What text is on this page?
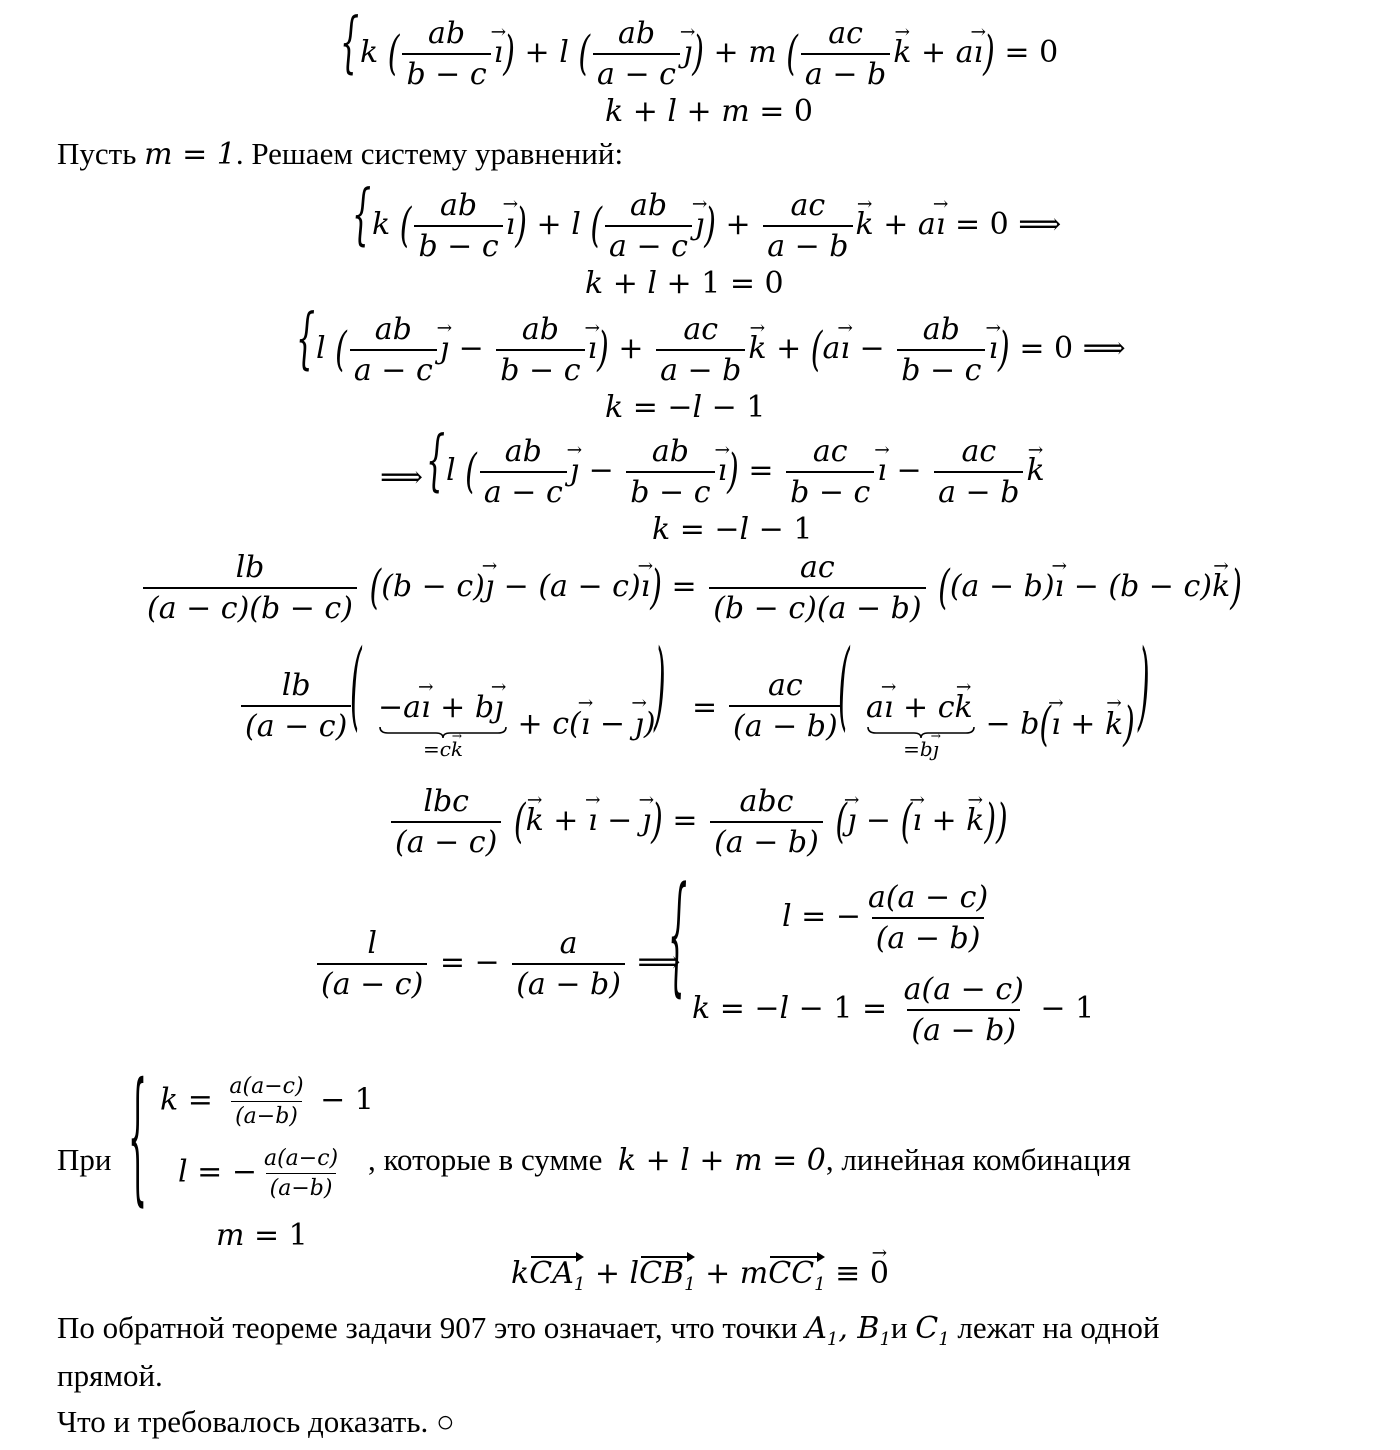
{ k ( $\frac{ab}{b - c}$
→ ı) + l ( $\frac{ab}{a - c}$
→ ȷ) + m ( $\frac{ac}{a - b}$
→ k + a→ ı) = 0
k + l + m = 0
Пусть m = 1. Решаем систему уравнений:
{ k ( $\frac{ab}{b - c}$
→ ı) + l ( $\frac{ab}{a - c}$
→ ȷ) + $\frac{ac}{a - b}$
→ k + a→ ı = 0 ⟹
k + l + 1 = 0
{ l ( $\frac{ab}{a - c}$
→ ȷ − $\frac{ab}{b - c}$
→ ı) + $\frac{ac}{a - b}$
→ k + (a→ ı − $\frac{ab}{b - c}$
→ ı) = 0 ⟹
k = −l − 1
⟹ { l ( $\frac{ab}{a - c}$
→ ȷ − $\frac{ab}{b - c}$
→ ı) = $\frac{ac}{b - c}$
→ ı − $\frac{ac}{a - b}$
→ k
k = −l − 1
$\frac{lb}{(a - c)(b - c)} ((b - c)\to$ ȷ − (a − c)→ ı) = $\frac{ac}{(b - c)(a - b)} ((a - b)\to$ ı − (b − c)→ k)
$\frac{lb}{(a - c)}$
( −a→ ı + b→ ȷ
=c→ k
+ c(→ ı − → ȷ)
) = $\frac{ac}{(a - b)}$
( a→ ı + c→ k
=b→ ȷ
− b(→ ı + → k) )
$\frac{\text{lbc}}{(a - c)}$ (→ k + → ı − → ȷ) = $\frac{\text{abc}}{(a - b)}$ (→ ȷ − (→ ı + → k))
$\frac{l}{(a - c)}$ = − $\frac{a}{(a - b)}$ ⟹
{	l = − $\frac{a(a - c)}{(a - b)}$
$k = -l - 1 = \frac{a(a - c)}{(a - b)} - 1$
При { $k = \frac{a(a-c)}{(a-b)} - 1$
l = − $\frac{a(a-c)}{(a-b)}$
m = 1
, которые в сумме k + l + m = 0, линейная комбинация
kCA$_1$ + lCB$_1$ + mCC$_1$ ≡ → 0
По обратной теореме задачи 907 это означает, что точки $A_1$, $B_1и$ $C_1$ лежат на одной
прямой.
Что и требовалось доказать. ○
